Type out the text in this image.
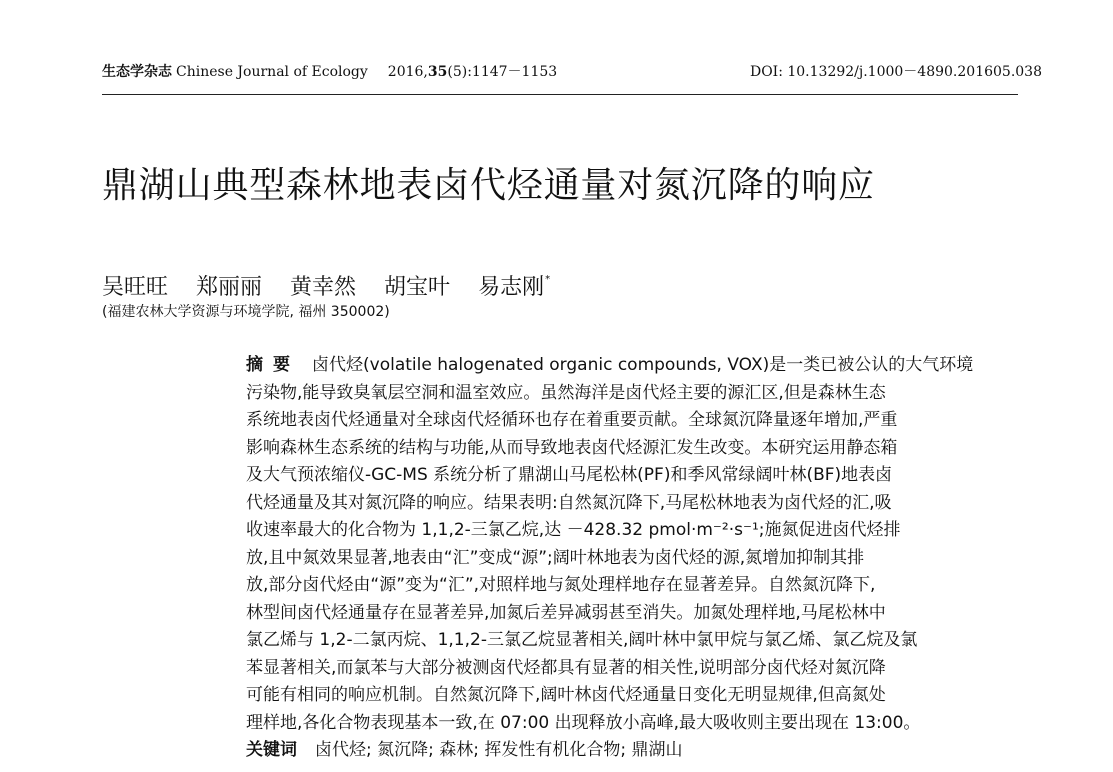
生态学杂志 Chinese Journal of Ecology 2016,35(5):1147－1153	DOI: 10.13292/j.1000－4890.201605.038
鼎湖山典型森林地表卤代烃通量对氮沉降的响应
吴旺旺 郑丽丽 黄幸然 胡宝叶 易志刚*
(福建农林大学资源与环境学院, 福州 350002)
摘要 卤代烃(volatile halogenated organic compounds, VOX)是一类已被公认的大气环境
污染物,能导致臭氧层空洞和温室效应。虽然海洋是卤代烃主要的源汇区,但是森林生态
系统地表卤代烃通量对全球卤代烃循环也存在着重要贡献。全球氮沉降量逐年增加,严重
影响森林生态系统的结构与功能,从而导致地表卤代烃源汇发生改变。本研究运用静态箱
及大气预浓缩仪-GC-MS 系统分析了鼎湖山马尾松林(PF)和季风常绿阔叶林(BF)地表卤
代烃通量及其对氮沉降的响应。结果表明:自然氮沉降下,马尾松林地表为卤代烃的汇,吸
收速率最大的化合物为 1,1,2-三氯乙烷,达 －428.32 pmol·m⁻²·s⁻¹;施氮促进卤代烃排
放,且中氮效果显著,地表由“汇”变成“源”;阔叶林地表为卤代烃的源,氮增加抑制其排
放,部分卤代烃由“源”变为“汇”,对照样地与氮处理样地存在显著差异。自然氮沉降下,
林型间卤代烃通量存在显著差异,加氮后差异减弱甚至消失。加氮处理样地,马尾松林中
氯乙烯与 1,2-二氯丙烷、1,1,2-三氯乙烷显著相关,阔叶林中氯甲烷与氯乙烯、氯乙烷及氯
苯显著相关,而氯苯与大部分被测卤代烃都具有显著的相关性,说明部分卤代烃对氮沉降
可能有相同的响应机制。自然氮沉降下,阔叶林卤代烃通量日变化无明显规律,但高氮处
理样地,各化合物表现基本一致,在 07:00 出现释放小高峰,最大吸收则主要出现在 13:00。
关键词 卤代烃; 氮沉降; 森林; 挥发性有机化合物; 鼎湖山
